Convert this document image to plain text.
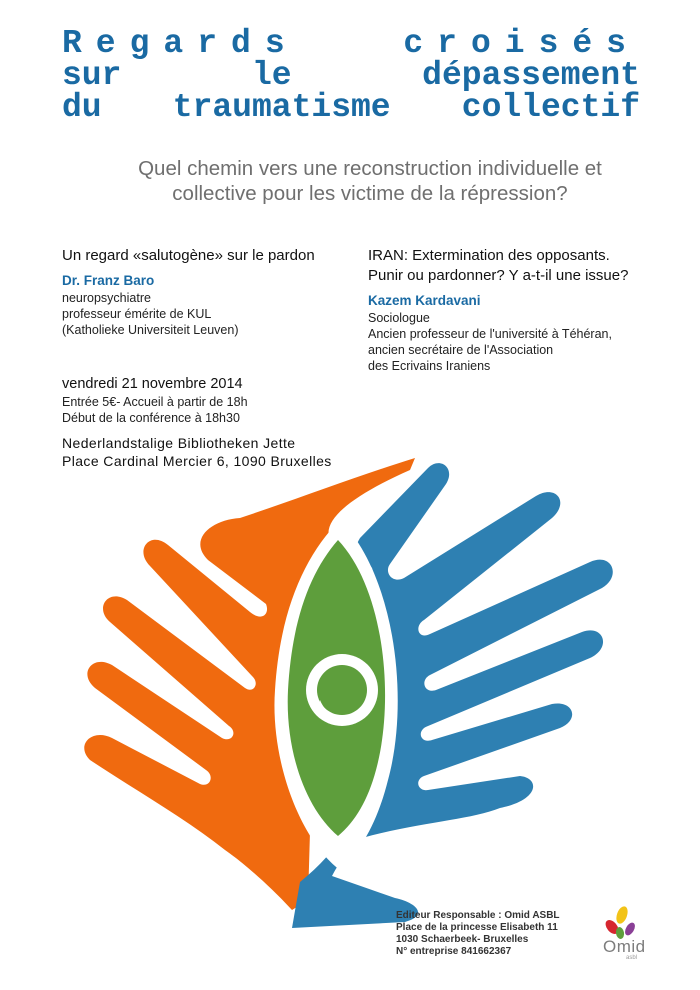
Regards croisés
sur le dépassement
du traumatisme collectif
Quel chemin vers une reconstruction individuelle et
collective pour les victime de la répression?
Un regard «salutogène» sur le pardon
Dr. Franz Baro
neuropsychiatre
professeur émérite de KUL
(Katholieke Universiteit Leuven)
IRAN: Extermination des opposants.
Punir ou pardonner? Y a-t-il une issue?
Kazem Kardavani
Sociologue
Ancien professeur de l'université à Téhéran,
ancien secrétaire de l'Association
des Ecrivains Iraniens
vendredi 21 novembre 2014
Entrée 5€- Accueil à partir de 18h
Début de la conférence à 18h30
Nederlandstalige Bibliotheken Jette
Place Cardinal Mercier 6, 1090 Bruxelles
Editeur Responsable : Omid ASBL
Place de la princesse Elisabeth 11
1030 Schaerbeek- Bruxelles
N° entreprise 841662367	Omid
asbl
